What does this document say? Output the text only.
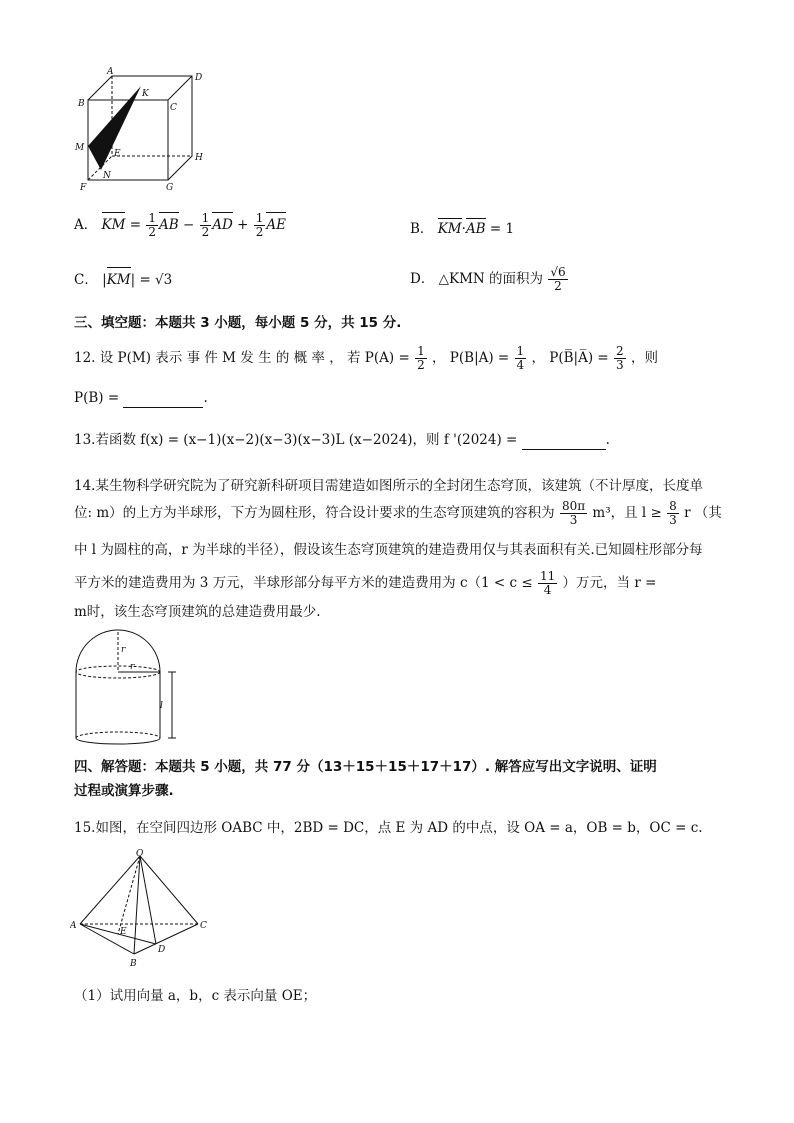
A
D
B
K
C
M
E	H
F
N
G
A． KM = $\frac{1}{2}$ AB − $\frac{1}{2}$ AD + $\frac{1}{2}$ AE	B． KM·AB = 1
C． |KM| = √3	D． △KMN 的面积为 $\frac{√6}{2}$
三、填空题：本题共 3 小题，每小题 5 分，共 15 分.
12. 设 P(M) 表示 事 件 M 发 生 的 概 率 ， 若 $P(A) = \frac{1}{2}$ ， $P(B|A) = \frac{1}{4}$ ， P(B̅|A̅) = $\frac{2}{3}$ ，则
P(B) =	.
13.若函数 f(x) = (x−1)(x−2)(x−3)(x−3)L (x−2024)，则 f '(2024) =	.
14.某生物科学研究院为了研究新科研项目需建造如图所示的全封闭生态穹顶，该建筑（不计厚度，长度单
位: m）的上方为半球形，下方为圆柱形，符合设计要求的生态穹顶建筑的容积为 $\frac{80\pi}{3} m^3$，且 $l \ge \frac{8}{3}$ r （其
中 l 为圆柱的高，r 为半球的半径），假设该生态穹顶建筑的建造费用仅与其表面积有关.已知圆柱形部分每
平方米的建造费用为 3 万元，半球形部分每平方米的建造费用为 $c(1 < c \le \frac{11}{4}$ ）万元，当 r =
m时，该生态穹顶建筑的总建造费用最少.
r
r
l
四、解答题：本题共 5 小题，共 77 分（13＋15＋15＋17＋17）. 解答应写出文字说明、证明
过程或演算步骤.
15.如图，在空间四边形 OABC 中，2BD = DC，点 E 为 AD 的中点，设 OA = a，OB = b，OC = c.
O
A	C
E
D
B
（1）试用向量 a，b，c 表示向量 OE；
